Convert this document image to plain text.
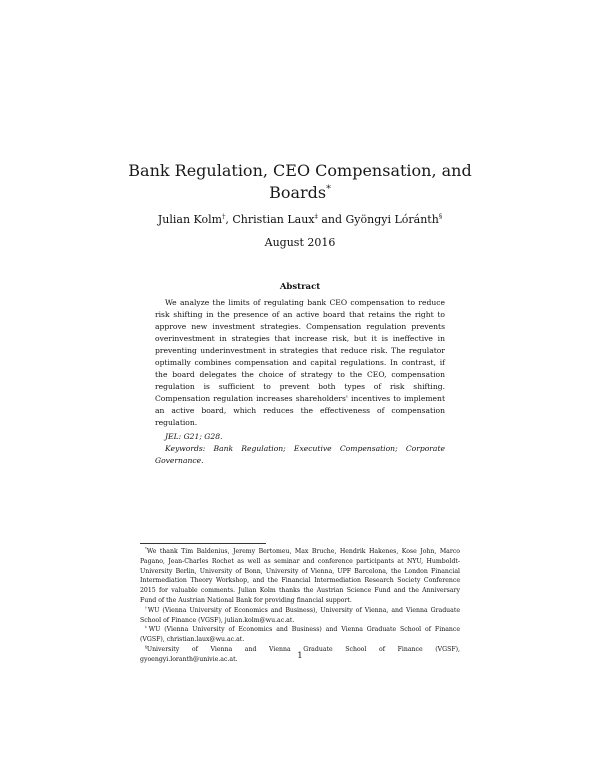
Bank Regulation, CEO Compensation, and Boards*
Julian Kolm†, Christian Laux‡ and Gyöngyi Lóránth§
August 2016
Abstract

We analyze the limits of regulating bank CEO compensation to reduce risk shifting in the presence of an active board that retains the right to approve new investment strategies. Compensation regulation prevents overinvestment in strategies that increase risk, but it is ineffective in preventing underinvestment in strategies that reduce risk. The regulator optimally combines compensation and capital regulations. In contrast, if the board delegates the choice of strategy to the CEO, compensation regulation is sufficient to prevent both types of risk shifting. Compensation regulation increases shareholders' incentives to implement an active board, which reduces the effectiveness of compensation regulation.

JEL: G21; G28.

Keywords: Bank Regulation; Executive Compensation; Corporate Governance.

*We thank Tim Baldenius, Jeremy Bertomeu, Max Bruche, Hendrik Hakenes, Kose John, Marco Pagano, Jean-Charles Rochet as well as seminar and conference participants at NYU, Humboldt-University Berlin, University of Bonn, University of Vienna, UPF Barcelona, the London Financial Intermediation Theory Workshop, and the Financial Intermediation Research Society Conference 2015 for valuable comments. Julian Kolm thanks the Austrian Science Fund and the Anniversary Fund of the Austrian National Bank for providing financial support.

†WU (Vienna University of Economics and Business), University of Vienna, and Vienna Graduate School of Finance (VGSF), julian.kolm@wu.ac.at.

‡WU (Vienna University of Economics and Business) and Vienna Graduate School of Finance (VGSF), christian.laux@wu.ac.at.

§University of Vienna and Vienna Graduate School of Finance (VGSF), gyoengyi.loranth@univie.ac.at.	1
